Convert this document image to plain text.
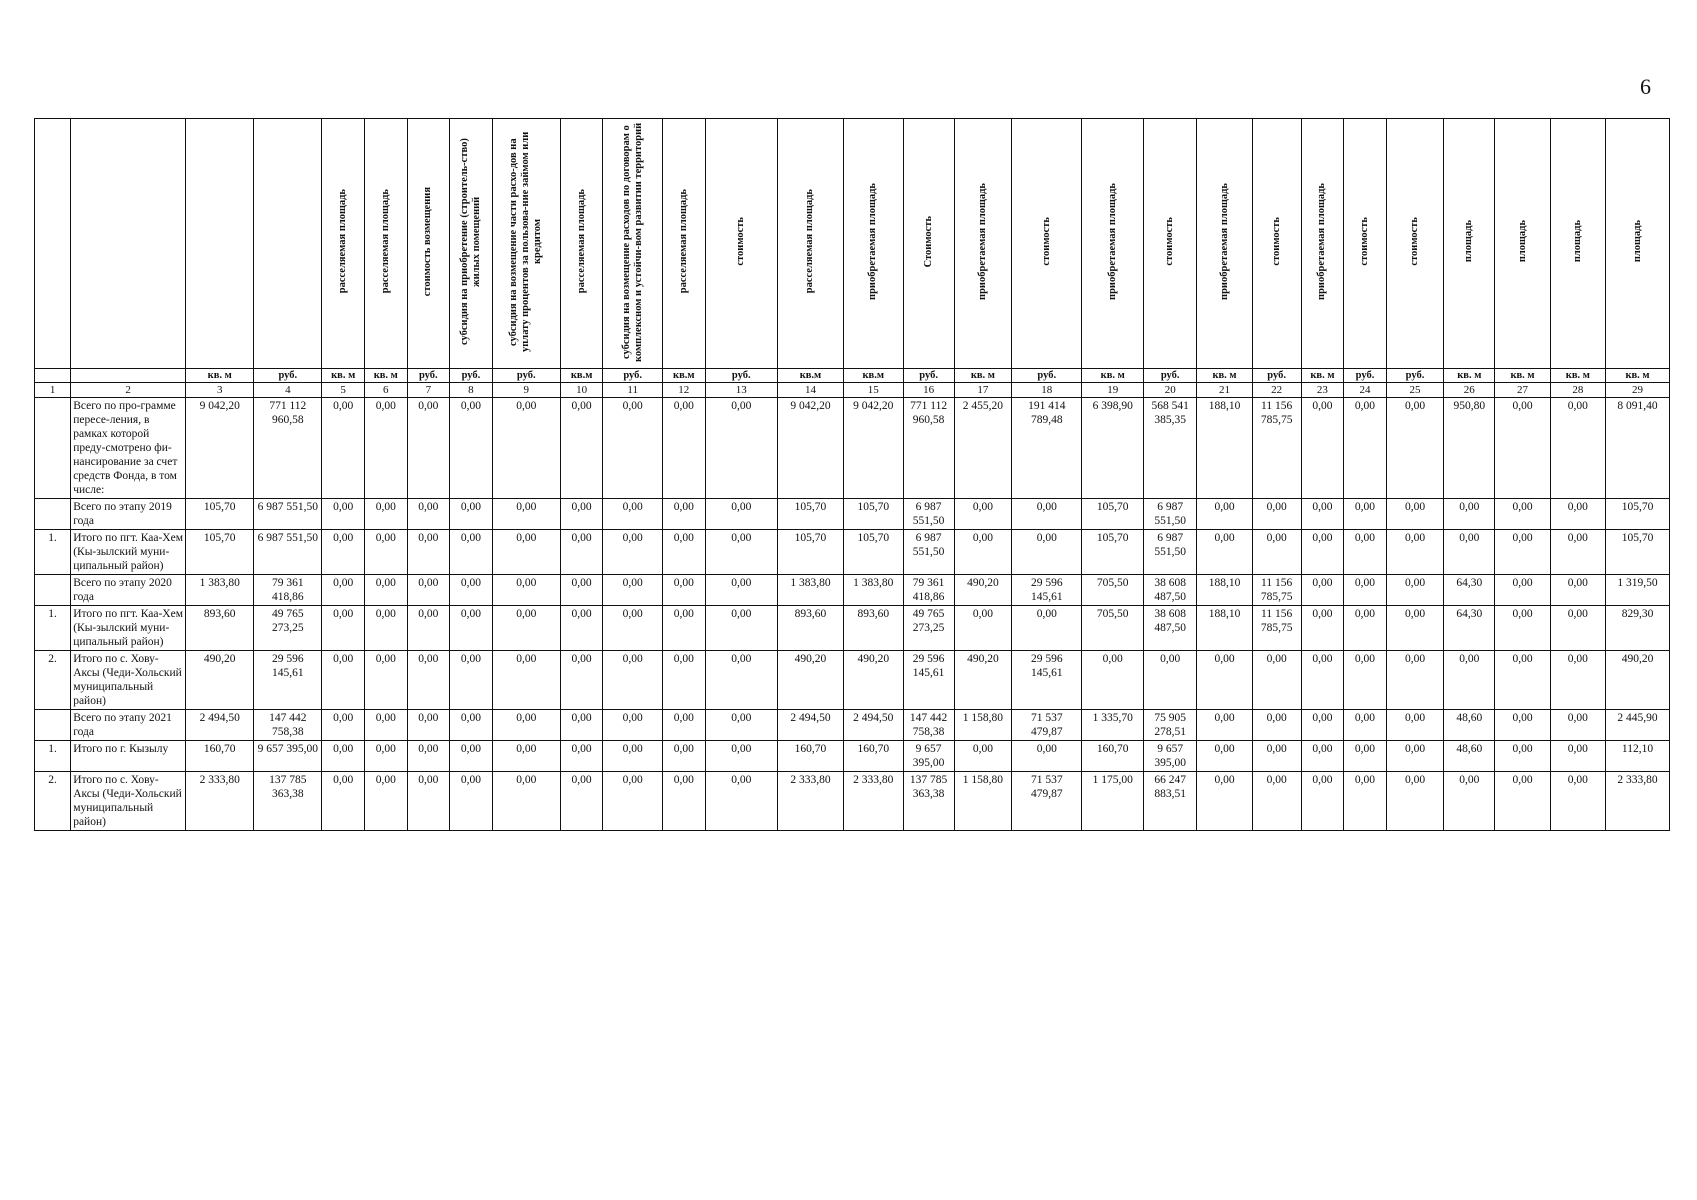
6
				расселяемая площадь	расселяемая площадь	стоимость возмещения	субсидия на приобретение (строитель-ство) жилых помещений	субсидия на возмещение части расхо-дов на уплату процентов за пользова-ние займом или кредитом	расселяемая площадь	субсидия на возмещение расходов по договорам о комплексном и устойчи-вом развитии территорий	расселяемая площадь	стоимость	расселяемая площадь	приобретаемая площадь	Стоимость	приобретаемая площадь	стоимость	приобретаемая площадь	стоимость	приобретаемая площадь	стоимость	приобретаемая площадь	стоимость	стоимость	площадь	площадь	площадь	площадь
		кв. м	руб.	кв. м	кв. м	руб.	руб.	руб.	кв.м	руб.	кв.м	руб.	кв.м	кв.м	руб.	кв. м	руб.	кв. м	руб.	кв. м	руб.	кв. м	руб.	руб.	кв. м	кв. м	кв. м	кв. м
1	2	3	4	5	6	7	8	9	10	11	12	13	14	15	16	17	18	19	20	21	22	23	24	25	26	27	28	29
	Всего по про-грамме пересе-ления, в рамках которой преду-смотрено фи-нансирование за счет средств Фонда, в том числе:	9 042,20	771 112 960,58	0,00	0,00	0,00	0,00	0,00	0,00	0,00	0,00	0,00	9 042,20	9 042,20	771 112 960,58	2 455,20	191 414 789,48	6 398,90	568 541 385,35	188,10	11 156 785,75	0,00	0,00	0,00	950,80	0,00	0,00	8 091,40
	Всего по этапу 2019 года	105,70	6 987 551,50	0,00	0,00	0,00	0,00	0,00	0,00	0,00	0,00	0,00	105,70	105,70	6 987 551,50	0,00	0,00	105,70	6 987 551,50	0,00	0,00	0,00	0,00	0,00	0,00	0,00	0,00	105,70
1.	Итого по пгт. Каа-Хем (Кы-зылский муни-ципальный район)	105,70	6 987 551,50	0,00	0,00	0,00	0,00	0,00	0,00	0,00	0,00	0,00	105,70	105,70	6 987 551,50	0,00	0,00	105,70	6 987 551,50	0,00	0,00	0,00	0,00	0,00	0,00	0,00	0,00	105,70
	Всего по этапу 2020 года	1 383,80	79 361 418,86	0,00	0,00	0,00	0,00	0,00	0,00	0,00	0,00	0,00	1 383,80	1 383,80	79 361 418,86	490,20	29 596 145,61	705,50	38 608 487,50	188,10	11 156 785,75	0,00	0,00	0,00	64,30	0,00	0,00	1 319,50
1.	Итого по пгт. Каа-Хем (Кы-зылский муни-ципальный район)	893,60	49 765 273,25	0,00	0,00	0,00	0,00	0,00	0,00	0,00	0,00	0,00	893,60	893,60	49 765 273,25	0,00	0,00	705,50	38 608 487,50	188,10	11 156 785,75	0,00	0,00	0,00	64,30	0,00	0,00	829,30
2.	Итого по с. Хову-Аксы (Чеди-Хольский муниципальный район)	490,20	29 596 145,61	0,00	0,00	0,00	0,00	0,00	0,00	0,00	0,00	0,00	490,20	490,20	29 596 145,61	490,20	29 596 145,61	0,00	0,00	0,00	0,00	0,00	0,00	0,00	0,00	0,00	0,00	490,20
	Всего по этапу 2021 года	2 494,50	147 442 758,38	0,00	0,00	0,00	0,00	0,00	0,00	0,00	0,00	0,00	2 494,50	2 494,50	147 442 758,38	1 158,80	71 537 479,87	1 335,70	75 905 278,51	0,00	0,00	0,00	0,00	0,00	48,60	0,00	0,00	2 445,90
1.	Итого по г. Кызылу	160,70	9 657 395,00	0,00	0,00	0,00	0,00	0,00	0,00	0,00	0,00	0,00	160,70	160,70	9 657 395,00	0,00	0,00	160,70	9 657 395,00	0,00	0,00	0,00	0,00	0,00	48,60	0,00	0,00	112,10
2.	Итого по с. Хову-Аксы (Чеди-Хольский муниципальный район)	2 333,80	137 785 363,38	0,00	0,00	0,00	0,00	0,00	0,00	0,00	0,00	0,00	2 333,80	2 333,80	137 785 363,38	1 158,80	71 537 479,87	1 175,00	66 247 883,51	0,00	0,00	0,00	0,00	0,00	0,00	0,00	0,00	2 333,80
